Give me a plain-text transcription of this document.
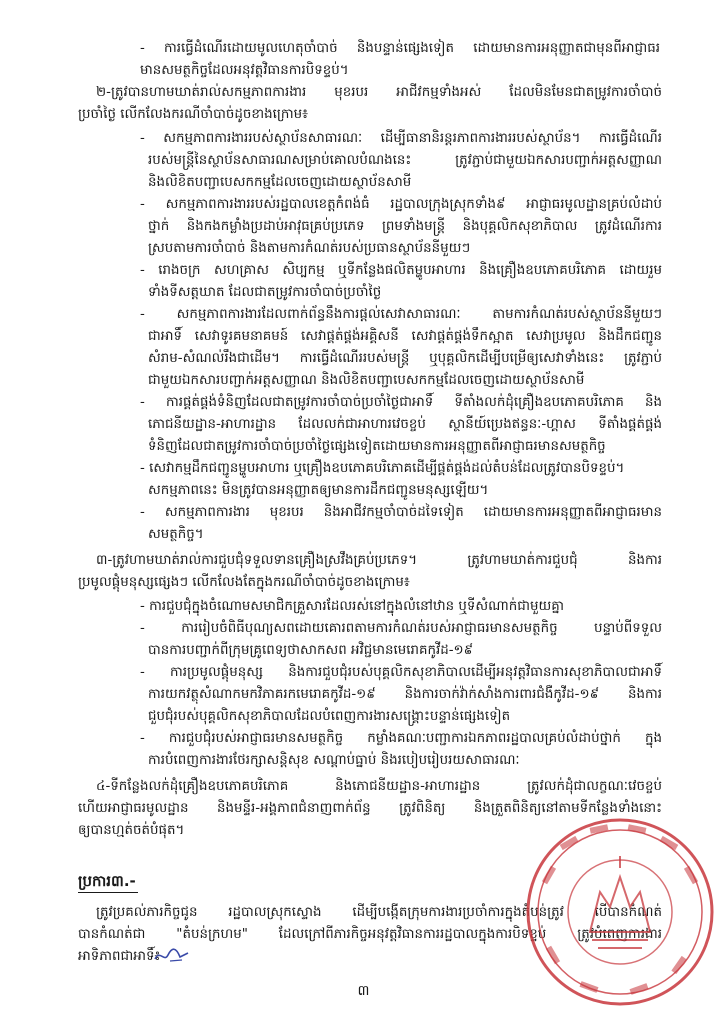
- ការធ្វើដំណើរដោយមូលហេតុចាំបាច់ និងបន្ទាន់ផ្សេងទៀត ដោយមានការអនុញ្ញាតជាមុនពីអាជ្ញាធរ
មានសមត្ថកិច្ចដែលអនុវត្តវិធានការបិទខ្ទប់។
២-ត្រូវបានហាមឃាត់រាល់សកម្មភាពការងារ មុខរបរ អាជីវកម្មទាំងអស់ ដែលមិនមែនជាតម្រូវការចាំបាច់
ប្រចាំថ្ងៃ លើកលែងករណីចាំបាច់ដូចខាងក្រោម៖
- សកម្មភាពការងាររបស់ស្ថាប័នសាធារណៈ ដើម្បីធានានិរន្តរភាពការងាររបស់ស្ថាប័ន។ ការធ្វើដំណើរ
របស់មន្ត្រីនៃស្ថាប័នសាធារណសម្រាប់គោលបំណងនេះ ត្រូវភ្ជាប់ជាមួយឯកសារបញ្ជាក់អត្តសញ្ញាណ
និងលិខិតបញ្ជាបេសកកម្មដែលចេញដោយស្ថាប័នសាមី
- សកម្មភាពការងាររបស់រដ្ឋបាលខេត្តកំពង់ធំ រដ្ឋបាលក្រុងស្រុកទាំង៩ អាជ្ញាធរមូលដ្ឋានគ្រប់លំដាប់
ថ្នាក់ និងកងកម្លាំងប្រដាប់អាវុធគ្រប់ប្រភេទ ព្រមទាំងមន្ត្រី និងបុគ្គលិកសុខាភិបាល ត្រូវដំណើរការ
ស្របតាមការចាំបាច់ និងតាមការកំណត់របស់ប្រធានស្ថាប័ននីមួយៗ
- រោងចក្រ សហគ្រាស សិប្បកម្ម ឬទីកន្លែងផលិតម្ហូបអាហារ និងគ្រឿងឧបភោគបរិភោគ ដោយរួម
ទាំងទីសត្តឃាត ដែលជាតម្រូវការចាំបាច់ប្រចាំថ្ងៃ
- សកម្មភាពការងារដែលពាក់ព័ន្ធនឹងការផ្តល់សេវាសាធារណៈ តាមការកំណត់របស់ស្ថាប័ននីមួយៗ
ជាអាទិ៍ សេវាទូរគមនាគមន៍ សេវាផ្គត់ផ្គង់អគ្គិសនី សេវាផ្គត់ផ្គង់ទឹកស្អាត សេវាប្រមូល និងដឹកជញ្ជូន
សំរាម-សំណល់រឹងជាដើម។ ការធ្វើដំណើររបស់មន្ត្រី ឬបុគ្គលិកដើម្បីបម្រើឲ្យសេវាទាំងនេះ ត្រូវភ្ជាប់
ជាមួយឯកសារបញ្ជាក់អត្តសញ្ញាណ និងលិខិតបញ្ជាបេសកកម្មដែលចេញដោយស្ថាប័នសាមី
- ការផ្គត់ផ្គង់ទំនិញដែលជាតម្រូវការចាំបាច់ប្រចាំថ្ងៃជាអាទិ៍ ទីតាំងលក់ដុំគ្រឿងឧបភោគបរិភោគ និង
ភោជនីយដ្ឋាន-អាហារដ្ឋាន ដែលលក់ជាអាហារវេចខ្ចប់ ស្ថានីយ៍ប្រេងឥន្ធនៈ-ហ្គាស ទីតាំងផ្គត់ផ្គង់
ទំនិញដែលជាតម្រូវការចាំបាច់ប្រចាំថ្ងៃផ្សេងទៀតដោយមានការអនុញ្ញាតពីអាជ្ញាធរមានសមត្ថកិច្ច
- សេវាកម្មដឹកជញ្ជូនម្ហូបអាហារ ឬគ្រឿងឧបភោគបរិភោគដើម្បីផ្គត់ផ្គង់ដល់តំបន់ដែលត្រូវបានបិទខ្ទប់។
សកម្មភាពនេះ មិនត្រូវបានអនុញ្ញាតឲ្យមានការដឹកជញ្ជូនមនុស្សឡើយ។
- សកម្មភាពការងារ មុខរបរ និងអាជីវកម្មចាំបាច់ដទៃទៀត ដោយមានការអនុញ្ញាតពីអាជ្ញាធរមាន
សមត្ថកិច្ច។
៣-ត្រូវហាមឃាត់រាល់ការជួបជុំទទួលទានគ្រឿងស្រវឹងគ្រប់ប្រភេទ។ ត្រូវហាមឃាត់ការជួបជុំ និងការ
ប្រមូលផ្តុំមនុស្សផ្សេងៗ លើកលែងតែក្នុងករណីចាំបាច់ដូចខាងក្រោម៖
- ការជួបជុំក្នុងចំណោមសមាជិកគ្រួសារដែលរស់នៅក្នុងលំនៅឋាន ឬទីសំណាក់ជាមួយគ្នា
- ការរៀបចំពិធីបុណ្យសពដោយគោរពតាមការកំណត់របស់អាជ្ញាធរមានសមត្ថកិច្ច បន្ទាប់ពីទទួល
បានការបញ្ជាក់ពីក្រុមគ្រូពេទ្យថាសាកសព អវិជ្ជមានមេរោគកូវីដ-១៩
- ការប្រមូលផ្តុំមនុស្ស និងការជួបជុំរបស់បុគ្គលិកសុខាភិបាលដើម្បីអនុវត្តវិធានការសុខាភិបាលជាអាទិ៍
ការយកវត្ថុសំណាកមកវិភាគរកមេរោគកូវីដ-១៩ និងការចាក់វ៉ាក់សាំងការពារជំងឺកូវីដ-១៩ និងការ
ជួបជុំរបស់បុគ្គលិកសុខាភិបាលដែលបំពេញការងារសង្គ្រោះបន្ទាន់ផ្សេងទៀត
- ការជួបជុំរបស់អាជ្ញាធរមានសមត្ថកិច្ច កម្លាំងគណៈបញ្ជាការឯកភាពរដ្ឋបាលគ្រប់លំដាប់ថ្នាក់ ក្នុង
ការបំពេញការងារថែរក្សាសន្តិសុខ សណ្តាប់ធ្នាប់ និងរបៀបរៀបរយសាធារណៈ
៤-ទីកន្លែងលក់ដុំគ្រឿងឧបភោគបរិភោគ និងភោជនីយដ្ឋាន-អាហារដ្ឋាន ត្រូវលក់ដុំជាលក្ខណៈវេចខ្ចប់
ហើយអាជ្ញាធរមូលដ្ឋាន និងមន្ទីរ-អង្គភាពជំនាញពាក់ព័ន្ធ ត្រូវពិនិត្យ និងត្រួតពិនិត្យនៅតាមទីកន្លែងទាំងនោះ
ឲ្យបានហ្មត់ចត់បំផុត។
ត្រូវប្រគល់ភារកិច្ចជូន រដ្ឋបាលស្រុកស្ទោង ដើម្បីបង្កើតក្រុមការងារប្រចាំការក្នុងតំបន់ត្រូវ បើបានកំណត់
បានកំណត់ជា "តំបន់ក្រហម" ដែលក្រៅពីភារកិច្ចអនុវត្តវិធានការរដ្ឋបាលក្នុងការបិទខ្ទប់ ត្រូវបំពេញការងារ
អាទិភាពជាអាទិ៍៖
ប្រការ៣.-
៣
